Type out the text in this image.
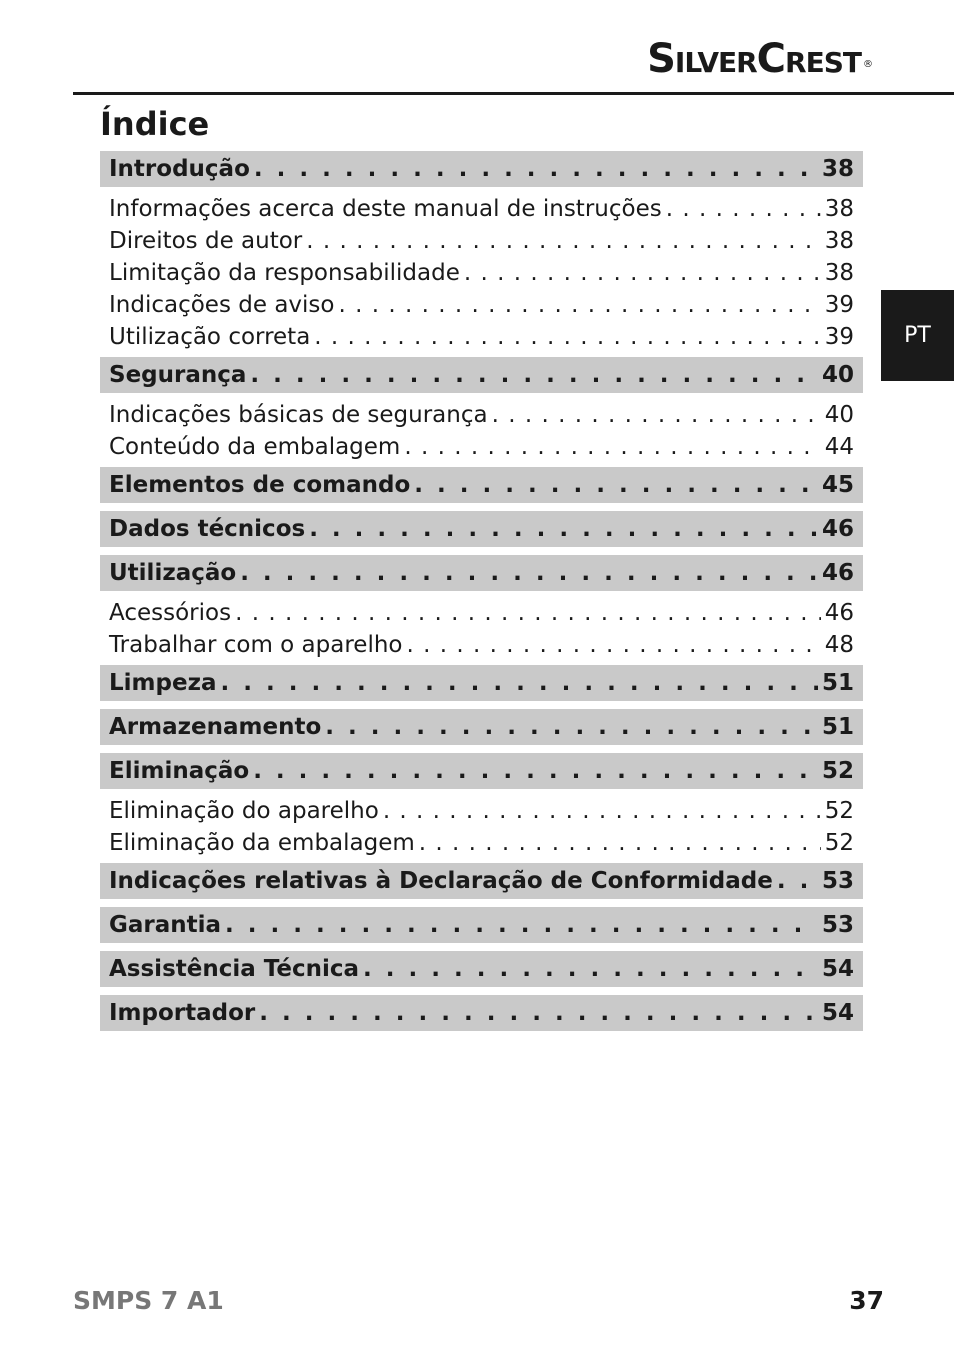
SilverCrest ®
Índice
Introdução . . .	38
Informações acerca deste manual de instruções . . .	38
Direitos de autor . . .	38
Limitação da responsabilidade . . .	38
Indicações de aviso . . .	39
Utilização correta . . .	39
Segurança . . .	40
Indicações básicas de segurança . . .	40
Conteúdo da embalagem . . .	44
Elementos de comando . . .	45
Dados técnicos . . .	46
Utilização . . .	46
Acessórios . . .	46
Trabalhar com o aparelho . . .	48
Limpeza . . .	51
Armazenamento . . .	51
Eliminação . . .	52
Eliminação do aparelho . . .	52
Eliminação da embalagem . . .	52
Indicações relativas à Declaração de Conformidade . . . 53
Garantia . . .	53
Assistência Técnica . . .	54
Importador . . .	54
PT
SMPS 7 A1	37
